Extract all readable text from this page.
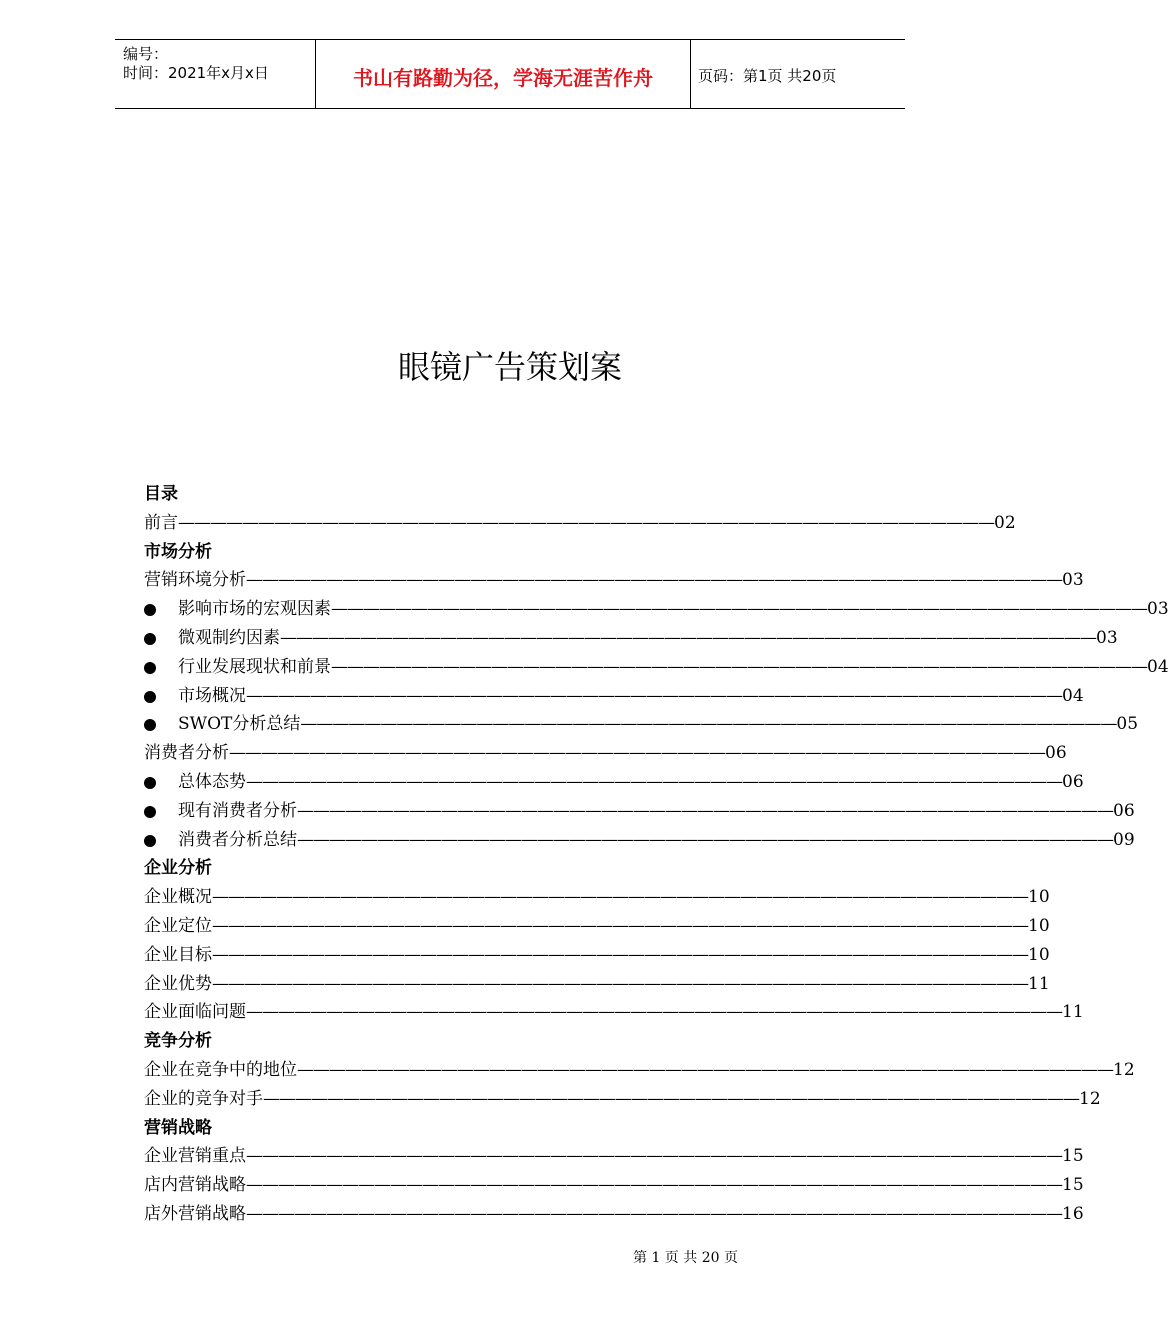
编号：
时间：2021年x月x日	书山有路勤为径，学海无涯苦作舟	页码：第1页 共20页
眼镜广告策划案
目录
前言 ——————————————————————————————————————————————————— 02
市场分析
营销环境分析 ——————————————————————————————————————————————————— 03
影响市场的宏观因素 ——————————————————————————————————————————————————— 03
微观制约因素 ——————————————————————————————————————————————————— 03
行业发展现状和前景 ——————————————————————————————————————————————————— 04
市场概况 ——————————————————————————————————————————————————— 04
SWOT分析总结 ——————————————————————————————————————————————————— 05
消费者分析 ——————————————————————————————————————————————————— 06
总体态势 ——————————————————————————————————————————————————— 06
现有消费者分析 ——————————————————————————————————————————————————— 06
消费者分析总结 ——————————————————————————————————————————————————— 09
企业分析
企业概况 ——————————————————————————————————————————————————— 10
企业定位 ——————————————————————————————————————————————————— 10
企业目标 ——————————————————————————————————————————————————— 10
企业优势 ——————————————————————————————————————————————————— 11
企业面临问题 ——————————————————————————————————————————————————— 11
竞争分析
企业在竞争中的地位 ——————————————————————————————————————————————————— 12
企业的竞争对手 ——————————————————————————————————————————————————— 12
营销战略
企业营销重点 ——————————————————————————————————————————————————— 15
店内营销战略 ——————————————————————————————————————————————————— 15
店外营销战略 ——————————————————————————————————————————————————— 16
第 1 页 共 20 页
